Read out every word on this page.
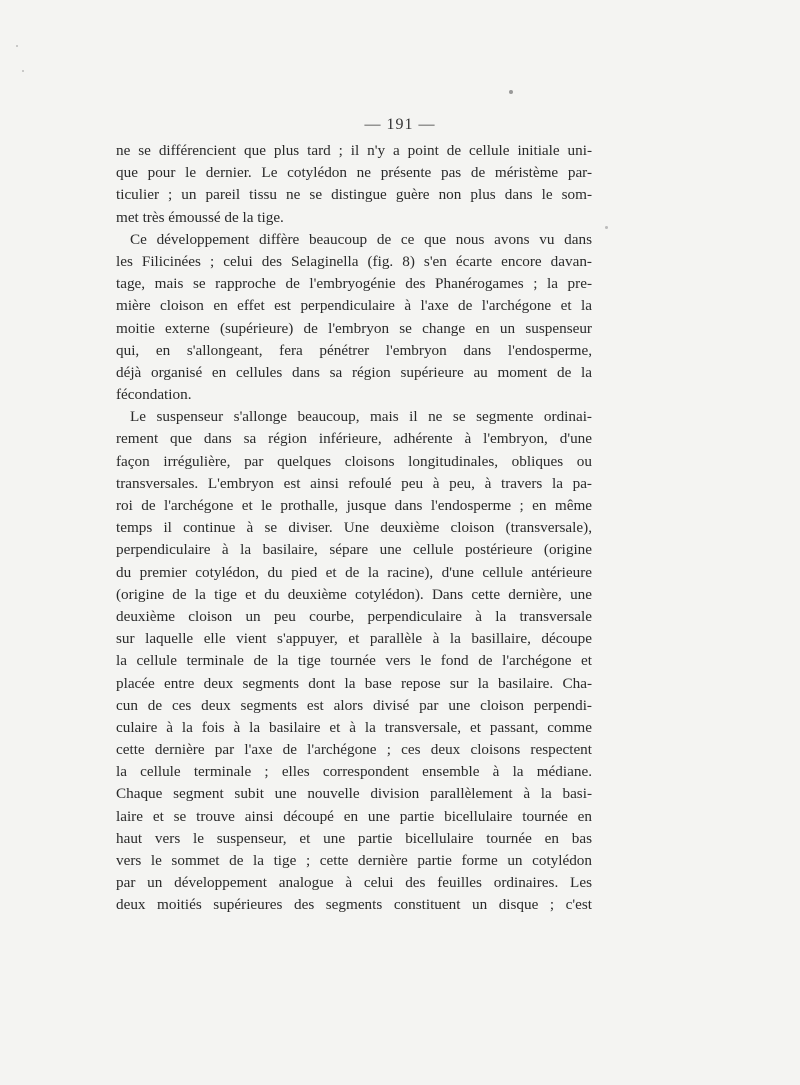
— 191 —
ne se différencient que plus tard ; il n'y a point de cellule initiale uni-
que pour le dernier. Le cotylédon ne présente pas de méristème par-
ticulier ; un pareil tissu ne se distingue guère non plus dans le som-
met très émoussé de la tige.
Ce développement diffère beaucoup de ce que nous avons vu dans
les Filicinées ; celui des Selaginella (fig. 8) s'en écarte encore davan-
tage, mais se rapproche de l'embryogénie des Phanérogames ; la pre-
mière cloison en effet est perpendiculaire à l'axe de l'archégone et la
moitie externe (supérieure) de l'embryon se change en un suspenseur
qui, en s'allongeant, fera pénétrer l'embryon dans l'endosperme,
déjà organisé en cellules dans sa région supérieure au moment de la
fécondation.
Le suspenseur s'allonge beaucoup, mais il ne se segmente ordinai-
rement que dans sa région inférieure, adhérente à l'embryon, d'une
façon irrégulière, par quelques cloisons longitudinales, obliques ou
transversales. L'embryon est ainsi refoulé peu à peu, à travers la pa-
roi de l'archégone et le prothalle, jusque dans l'endosperme ; en même
temps il continue à se diviser. Une deuxième cloison (transversale),
perpendiculaire à la basilaire, sépare une cellule postérieure (origine
du premier cotylédon, du pied et de la racine), d'une cellule antérieure
(origine de la tige et du deuxième cotylédon). Dans cette dernière, une
deuxième cloison un peu courbe, perpendiculaire à la transversale
sur laquelle elle vient s'appuyer, et parallèle à la basillaire, découpe
la cellule terminale de la tige tournée vers le fond de l'archégone et
placée entre deux segments dont la base repose sur la basilaire. Cha-
cun de ces deux segments est alors divisé par une cloison perpendi-
culaire à la fois à la basilaire et à la transversale, et passant, comme
cette dernière par l'axe de l'archégone ; ces deux cloisons respectent
la cellule terminale ; elles correspondent ensemble à la médiane.
Chaque segment subit une nouvelle division parallèlement à la basi-
laire et se trouve ainsi découpé en une partie bicellulaire tournée en
haut vers le suspenseur, et une partie bicellulaire tournée en bas
vers le sommet de la tige ; cette dernière partie forme un cotylédon
par un développement analogue à celui des feuilles ordinaires. Les
deux moitiés supérieures des segments constituent un disque ; c'est
